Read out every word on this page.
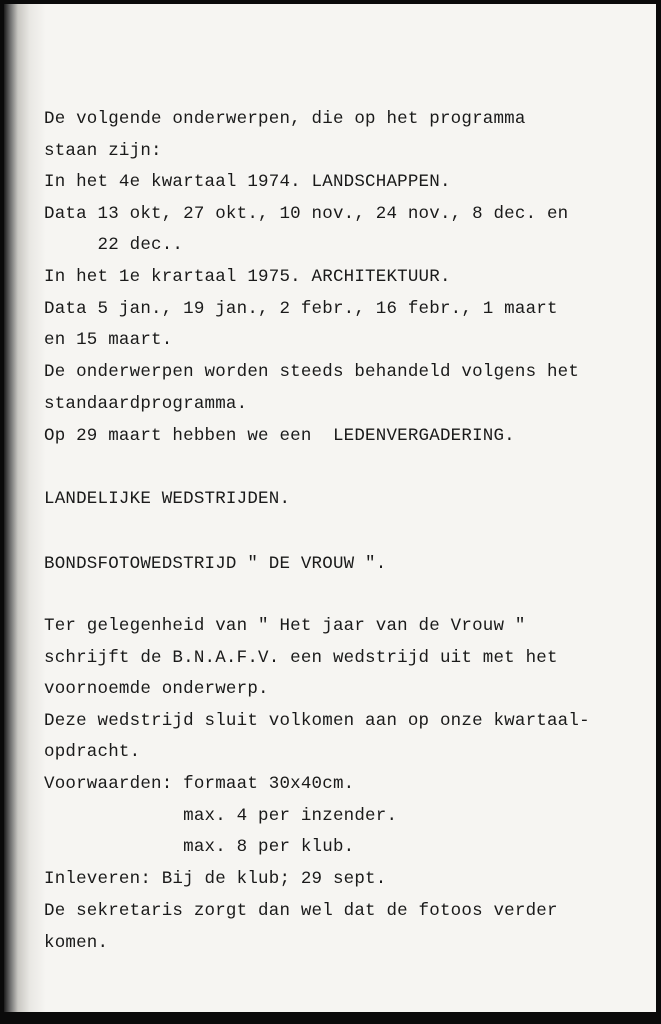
De volgende onderwerpen, die op het programma
staan zijn:
In het 4e kwartaal 1974. LANDSCHAPPEN.
Data 13 okt, 27 okt., 10 nov., 24 nov., 8 dec. en
22 dec..
In het 1e krartaal 1975. ARCHITEKTUUR.
Data 5 jan., 19 jan., 2 febr., 16 febr., 1 maart
en 15 maart.
De onderwerpen worden steeds behandeld volgens het
standaardprogramma.
Op 29 maart hebben we een  LEDENVERGADERING.
LANDELIJKE WEDSTRIJDEN.
BONDSFOTOWEDSTRIJD " DE VROUW ".
Ter gelegenheid van " Het jaar van de Vrouw "
schrijft de B.N.A.F.V. een wedstrijd uit met het
voornoemde onderwerp.
Deze wedstrijd sluit volkomen aan op onze kwartaal-
opdracht.
Voorwaarden: formaat 30x40cm.
max. 4 per inzender.
max. 8 per klub.
Inleveren: Bij de klub; 29 sept.
De sekretaris zorgt dan wel dat de fotoos verder
komen.
